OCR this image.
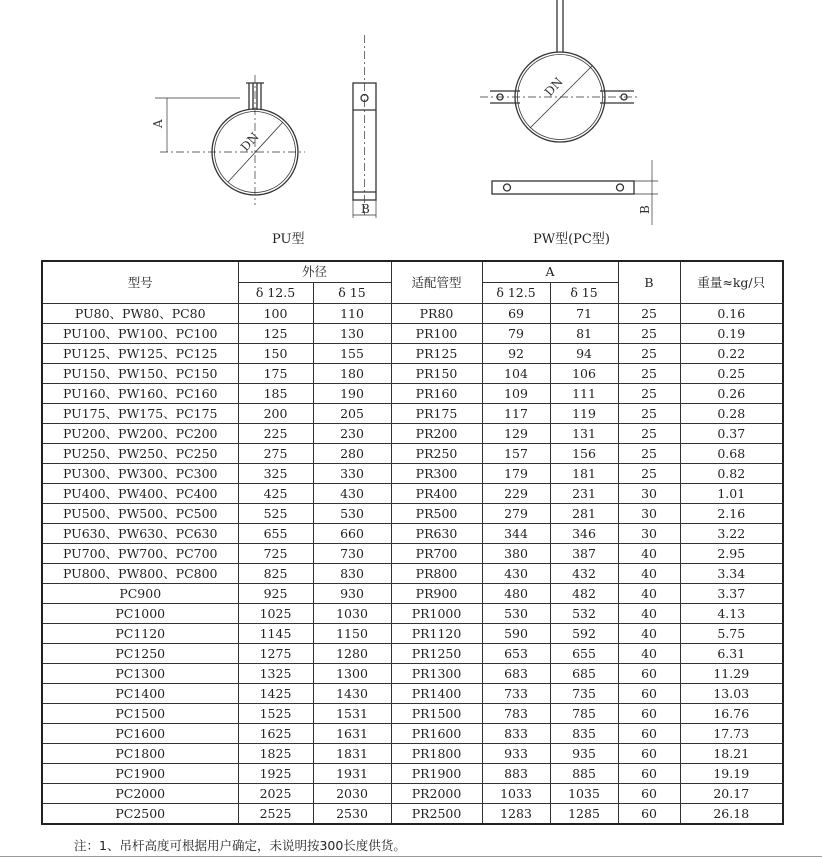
A
DN
B
DN
B
PU型	PW型(PC型)
型号	外径		适配管型	A		B	重量≈kg/只
	δ 12.5	δ 15		δ 12.5	δ 15		
PU80、PW80、PC80	100	110	PR80	69	71	25	0.16
PU100、PW100、PC100	125	130	PR100	79	81	25	0.19
PU125、PW125、PC125	150	155	PR125	92	94	25	0.22
PU150、PW150、PC150	175	180	PR150	104	106	25	0.25
PU160、PW160、PC160	185	190	PR160	109	111	25	0.26
PU175、PW175、PC175	200	205	PR175	117	119	25	0.28
PU200、PW200、PC200	225	230	PR200	129	131	25	0.37
PU250、PW250、PC250	275	280	PR250	157	156	25	0.68
PU300、PW300、PC300	325	330	PR300	179	181	25	0.82
PU400、PW400、PC400	425	430	PR400	229	231	30	1.01
PU500、PW500、PC500	525	530	PR500	279	281	30	2.16
PU630、PW630、PC630	655	660	PR630	344	346	30	3.22
PU700、PW700、PC700	725	730	PR700	380	387	40	2.95
PU800、PW800、PC800	825	830	PR800	430	432	40	3.34
PC900	925	930	PR900	480	482	40	3.37
PC1000	1025	1030	PR1000	530	532	40	4.13
PC1120	1145	1150	PR1120	590	592	40	5.75
PC1250	1275	1280	PR1250	653	655	40	6.31
PC1300	1325	1300	PR1300	683	685	60	11.29
PC1400	1425	1430	PR1400	733	735	60	13.03
PC1500	1525	1531	PR1500	783	785	60	16.76
PC1600	1625	1631	PR1600	833	835	60	17.73
PC1800	1825	1831	PR1800	933	935	60	18.21
PC1900	1925	1931	PR1900	883	885	60	19.19
PC2000	2025	2030	PR2000	1033	1035	60	20.17
PC2500	2525	2530	PR2500	1283	1285	60	26.18
注：1、吊杆高度可根据用户确定，未说明按300长度供货。
